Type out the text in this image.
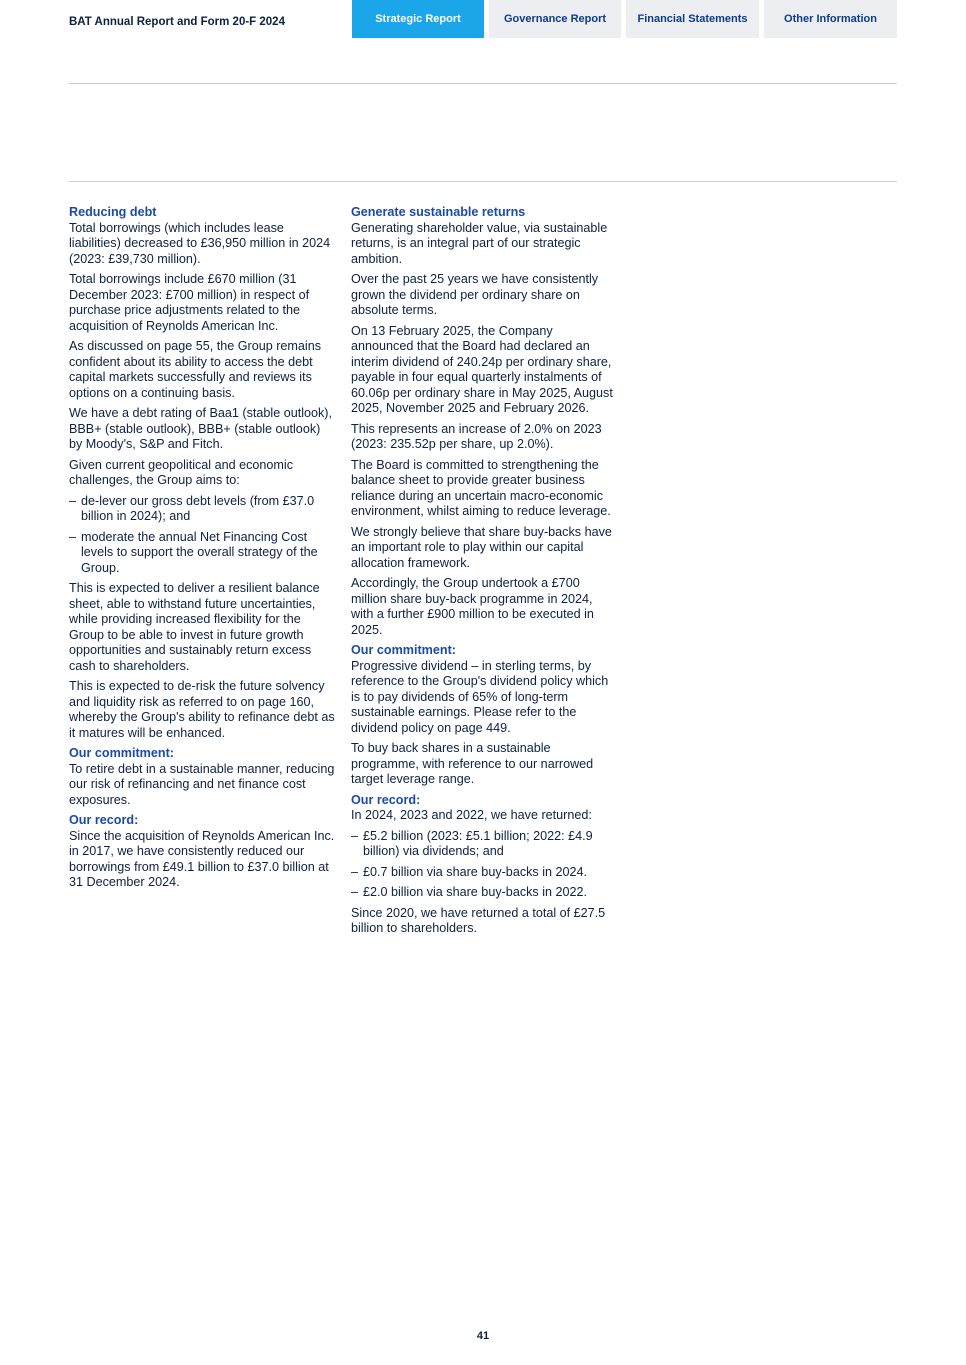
BAT Annual Report and Form 20-F 2024	Strategic Report	Governance Report	Financial Statements	Other Information
Reducing debt

Total borrowings (which includes lease liabilities) decreased to £36,950 million in 2024 (2023: £39,730 million).

Total borrowings include £670 million (31 December 2023: £700 million) in respect of purchase price adjustments related to the acquisition of Reynolds American Inc.

As discussed on page 55, the Group remains confident about its ability to access the debt capital markets successfully and reviews its options on a continuing basis.

We have a debt rating of Baa1 (stable outlook), BBB+ (stable outlook), BBB+ (stable outlook) by Moody's, S&P and Fitch.

Given current geopolitical and economic challenges, the Group aims to:

– de-lever our gross debt levels (from £37.0 billion in 2024); and
– moderate the annual Net Financing Cost levels to support the overall strategy of the Group.

This is expected to deliver a resilient balance sheet, able to withstand future uncertainties, while providing increased flexibility for the Group to be able to invest in future growth opportunities and sustainably return excess cash to shareholders.

This is expected to de-risk the future solvency and liquidity risk as referred to on page 160, whereby the Group's ability to refinance debt as it matures will be enhanced.

Our commitment:

To retire debt in a sustainable manner, reducing our risk of refinancing and net finance cost exposures.

Our record:

Since the acquisition of Reynolds American Inc. in 2017, we have consistently reduced our borrowings from £49.1 billion to £37.0 billion at 31 December 2024.

Generate sustainable returns

Generating shareholder value, via sustainable returns, is an integral part of our strategic ambition.

Over the past 25 years we have consistently grown the dividend per ordinary share on absolute terms.

On 13 February 2025, the Company announced that the Board had declared an interim dividend of 240.24p per ordinary share, payable in four equal quarterly instalments of 60.06p per ordinary share in May 2025, August 2025, November 2025 and February 2026.

This represents an increase of 2.0% on 2023 (2023: 235.52p per share, up 2.0%).

The Board is committed to strengthening the balance sheet to provide greater business reliance during an uncertain macro-economic environment, whilst aiming to reduce leverage.

We strongly believe that share buy-backs have an important role to play within our capital allocation framework.

Accordingly, the Group undertook a £700 million share buy-back programme in 2024, with a further £900 million to be executed in 2025.

Our commitment:

Progressive dividend – in sterling terms, by reference to the Group's dividend policy which is to pay dividends of 65% of long-term sustainable earnings. Please refer to the dividend policy on page 449.

To buy back shares in a sustainable programme, with reference to our narrowed target leverage range.

Our record:

In 2024, 2023 and 2022, we have returned:

– £5.2 billion (2023: £5.1 billion; 2022: £4.9 billion) via dividends; and
– £0.7 billion via share buy-backs in 2024.
– £2.0 billion via share buy-backs in 2022.

Since 2020, we have returned a total of £27.5 billion to shareholders.

41
